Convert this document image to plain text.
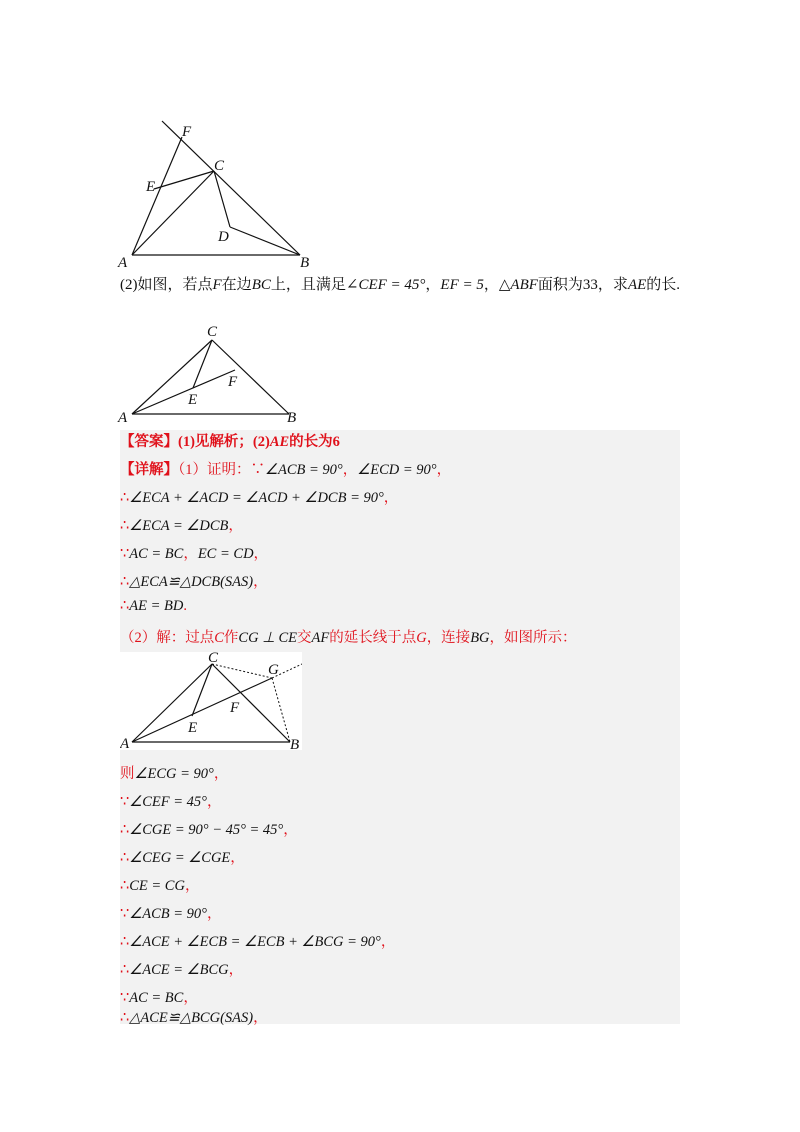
F
C
E
D
A	B
(2)如图，若点F在边BC上，且满足∠CEF = 45°，EF = 5，△ABF面积为33，求AE的长.
C
F
E
A	B
【答案】(1)见解析；(2)AE的长为6
【详解】（1）证明：∵∠ACB = 90°，∠ECD = 90°，
∴∠ECA + ∠ACD = ∠ACD + ∠DCB = 90°，
∴∠ECA = ∠DCB，
∵AC = BC，EC = CD，
∴△ECA≌△DCB(SAS)，
∴AE = BD.
（2）解：过点C作CG ⊥ CE交AF的延长线于点G，连接BG，如图所示：
C
G
F
E
A	B
则∠ECG = 90°，
∵∠CEF = 45°，
∴∠CGE = 90° − 45° = 45°，
∴∠CEG = ∠CGE，
∴CE = CG，
∵∠ACB = 90°，
∴∠ACE + ∠ECB = ∠ECB + ∠BCG = 90°，
∴∠ACE = ∠BCG，
∵AC = BC，
∴△ACE≌△BCG(SAS)，
